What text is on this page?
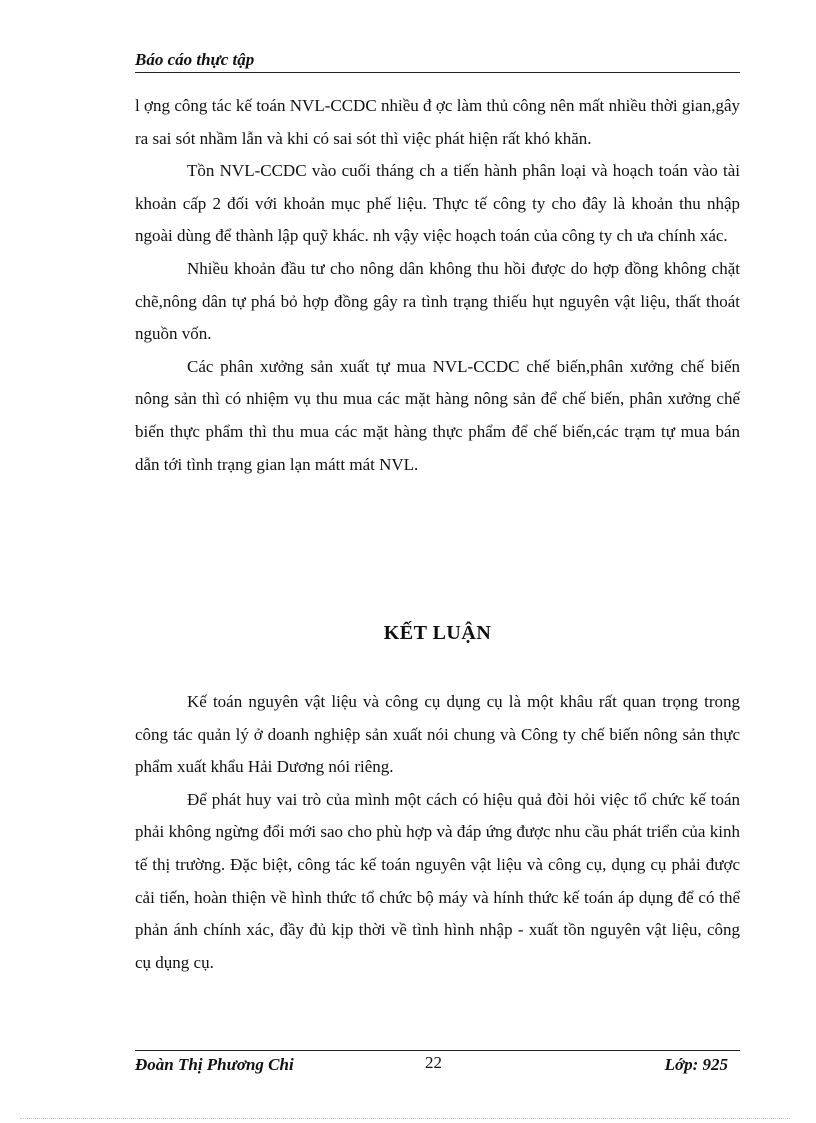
Báo cáo thực tập

l ợng công tác kế toán NVL-CCDC nhiều đ ợc làm thủ công nên mất nhiều thời gian,gây ra sai sót nhầm lẫn và khi có sai sót thì việc phát hiện rất khó khăn.

Tồn NVL-CCDC vào cuối tháng ch a tiến hành phân loại và hoạch toán vào tài khoản cấp 2 đối với khoản mục phế liệu. Thực tế công ty cho đây là khoản thu nhập ngoài dùng để thành lập quỹ khác. nh vậy việc hoạch toán của công ty ch ưa chính xác.

Nhiều khoản đầu tư cho nông dân không thu hồi được do hợp đồng không chặt chẽ,nông dân tự phá bỏ hợp đồng gây ra tình trạng thiếu hụt nguyên vật liệu, thất thoát nguồn vốn.

Các phân xưởng sản xuất tự mua NVL-CCDC chế biến,phân xưởng chế biến nông sản thì có nhiệm vụ thu mua các mặt hàng nông sản để chế biến, phân xưởng chế biến thực phẩm thì thu mua các mặt hàng thực phẩm để chế biến,các trạm tự mua bán dẫn tới tình trạng gian lạn mátt mát NVL.

KẾT LUẬN

Kế toán nguyên vật liệu và công cụ dụng cụ là một khâu rất quan trọng trong công tác quản lý ở doanh nghiệp sản xuất nói chung và Công ty chế biến nông sản thực phẩm xuất khẩu Hải Dương nói riêng.

Để phát huy vai trò của mình một cách có hiệu quả đòi hỏi việc tổ chức kế toán phải không ngừng đổi mới sao cho phù hợp và đáp ứng được nhu cầu phát triển của kinh tế thị trường. Đặc biệt, công tác kế toán nguyên vật liệu và công cụ, dụng cụ phải được cải tiến, hoàn thiện về hình thức tổ chức bộ máy và hính thức kế toán áp dụng để có thể phản ánh chính xác, đầy đủ kịp thời về tình hình nhập - xuất tồn nguyên vật liệu, công cụ dụng cụ.

Đoàn Thị Phương Chi	22	Lớp: 925
